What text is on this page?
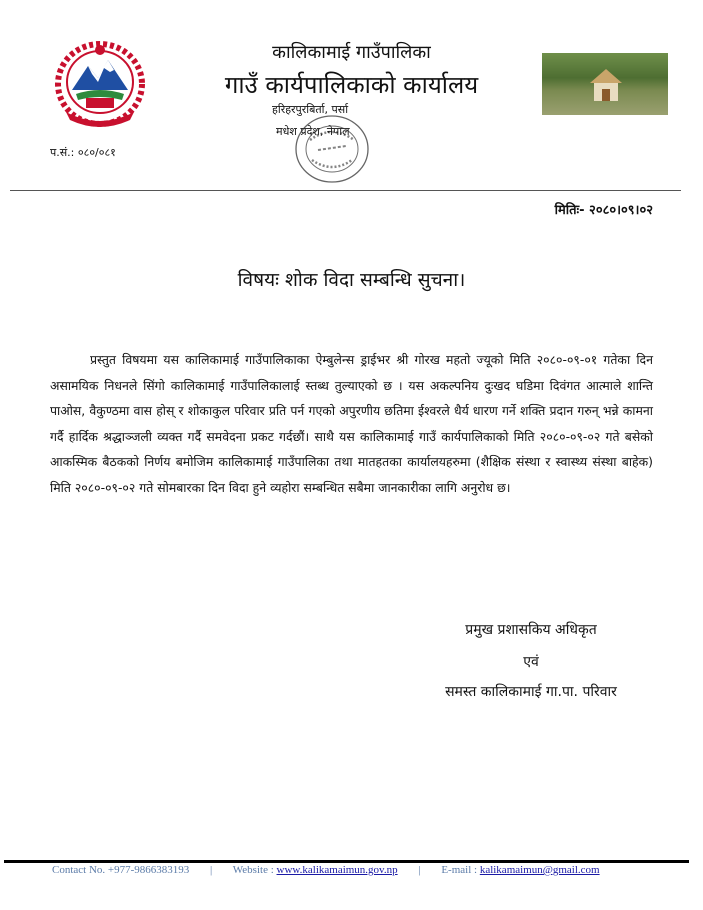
कालिकामाई गाउँपालिका
गाउँ कार्यपालिकाको कार्यालय
हरिहरपुरबिर्ता, पर्सा
मधेश प्रदेश, नेपाल
प.सं.: ०८०/०८१
मितिः- २०८०।०९।०२
विषयः शोक विदा सम्बन्धि सुचना।
प्रस्तुत विषयमा यस कालिकामाई गाउँपालिकाका ऐम्बुलेन्स ड्राईभर श्री गोरख महतो ज्यूको मिति २०८०-०९-०१ गतेका दिन असामयिक निधनले सिंगो कालिकामाई गाउँपालिकालाई स्तब्ध तुल्याएको छ । यस अकल्पनिय दुःखद घडिमा दिवंगत आत्माले शान्ति पाओस, वैकुण्ठमा वास होस् र शोकाकुल परिवार प्रति पर्न गएको अपुरणीय छतिमा ईश्वरले धैर्य धारण गर्ने शक्ति प्रदान गरुन् भन्ने कामना गर्दै हार्दिक श्रद्धाञ्जली व्यक्त गर्दै समवेदना प्रकट गर्दछौं। साथै यस कालिकामाई गाउँ कार्यपालिकाको मिति २०८०-०९-०२ गते बसेको आकस्मिक बैठकको निर्णय बमोजिम कालिकामाई गाउँपालिका तथा मातहतका कार्यालयहरुमा (शैक्षिक संस्था र स्वास्थ्य संस्था बाहेक) मिति २०८०-०९-०२ गते सोमबारका दिन विदा हुने व्यहोरा सम्बन्धित सबैमा जानकारीका लागि अनुरोध छ।
प्रमुख प्रशासकिय अधिकृत
एवं
समस्त कालिकामाई गा.पा. परिवार
Contact No. +977-9866383193 | Website : www.kalikamaimun.gov.np | E-mail : kalikamaimun@gmail.com
